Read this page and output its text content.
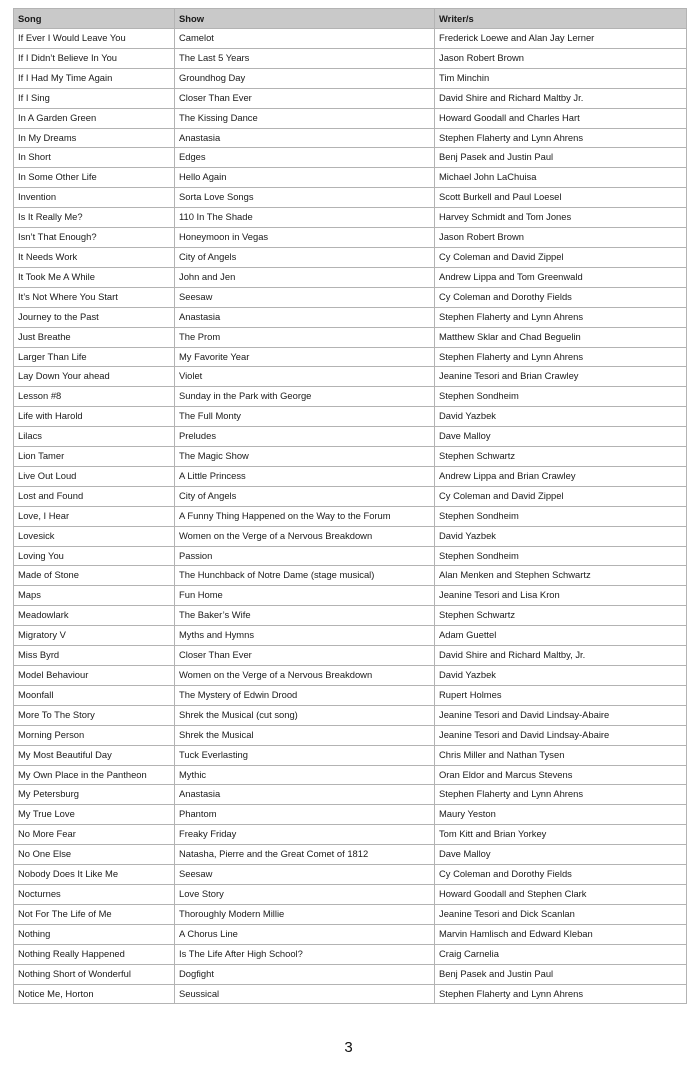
Song	Show	Writer/s
If Ever I Would Leave You	Camelot	Frederick Loewe and Alan Jay Lerner
If I Didn’t Believe In You	The Last 5 Years	Jason Robert Brown
If I Had My Time Again	Groundhog Day	Tim Minchin
If I Sing	Closer Than Ever	David Shire and Richard Maltby Jr.
In A Garden Green	The Kissing Dance	Howard Goodall and Charles Hart
In My Dreams	Anastasia	Stephen Flaherty and Lynn Ahrens
In Short	Edges	Benj Pasek and Justin Paul
In Some Other Life	Hello Again	Michael John LaChuisa
Invention	Sorta Love Songs	Scott Burkell and Paul Loesel
Is It Really Me?	110 In The Shade	Harvey Schmidt and Tom Jones
Isn’t That Enough?	Honeymoon in Vegas	Jason Robert Brown
It Needs Work	City of Angels	Cy Coleman and David Zippel
It Took Me A While	John and Jen	Andrew Lippa and Tom Greenwald
It’s Not Where You Start	Seesaw	Cy Coleman and Dorothy Fields
Journey to the Past	Anastasia	Stephen Flaherty and Lynn Ahrens
Just Breathe	The Prom	Matthew Sklar and Chad Beguelin
Larger Than Life	My Favorite Year	Stephen Flaherty and Lynn Ahrens
Lay Down Your ahead	Violet	Jeanine Tesori and Brian Crawley
Lesson #8	Sunday in the Park with George	Stephen Sondheim
Life with Harold	The Full Monty	David Yazbek
Lilacs	Preludes	Dave Malloy
Lion Tamer	The Magic Show	Stephen Schwartz
Live Out Loud	A Little Princess	Andrew Lippa and Brian Crawley
Lost and Found	City of Angels	Cy Coleman and David Zippel
Love, I Hear	A Funny Thing Happened on the Way to the Forum	Stephen Sondheim
Lovesick	Women on the Verge of a Nervous Breakdown	David Yazbek
Loving You	Passion	Stephen Sondheim
Made of Stone	The Hunchback of Notre Dame (stage musical)	Alan Menken and Stephen Schwartz
Maps	Fun Home	Jeanine Tesori and Lisa Kron
Meadowlark	The Baker’s Wife	Stephen Schwartz
Migratory V	Myths and Hymns	Adam Guettel
Miss Byrd	Closer Than Ever	David Shire and Richard Maltby, Jr.
Model Behaviour	Women on the Verge of a Nervous Breakdown	David Yazbek
Moonfall	The Mystery of Edwin Drood	Rupert Holmes
More To The Story	Shrek the Musical (cut song)	Jeanine Tesori and David Lindsay-Abaire
Morning Person	Shrek the Musical	Jeanine Tesori and David Lindsay-Abaire
My Most Beautiful Day	Tuck Everlasting	Chris Miller and Nathan Tysen
My Own Place in the Pantheon	Mythic	Oran Eldor and Marcus Stevens
My Petersburg	Anastasia	Stephen Flaherty and Lynn Ahrens
My True Love	Phantom	Maury Yeston
No More Fear	Freaky Friday	Tom Kitt and Brian Yorkey
No One Else	Natasha, Pierre and the Great Comet of 1812	Dave Malloy
Nobody Does It Like Me	Seesaw	Cy Coleman and Dorothy Fields
Nocturnes	Love Story	Howard Goodall and Stephen Clark
Not For The Life of Me	Thoroughly Modern Millie	Jeanine Tesori and Dick Scanlan
Nothing	A Chorus Line	Marvin Hamlisch and Edward Kleban
Nothing Really Happened	Is The Life After High School?	Craig Carnelia
Nothing Short of Wonderful	Dogfight	Benj Pasek and Justin Paul
Notice Me, Horton	Seussical	Stephen Flaherty and Lynn Ahrens
3
